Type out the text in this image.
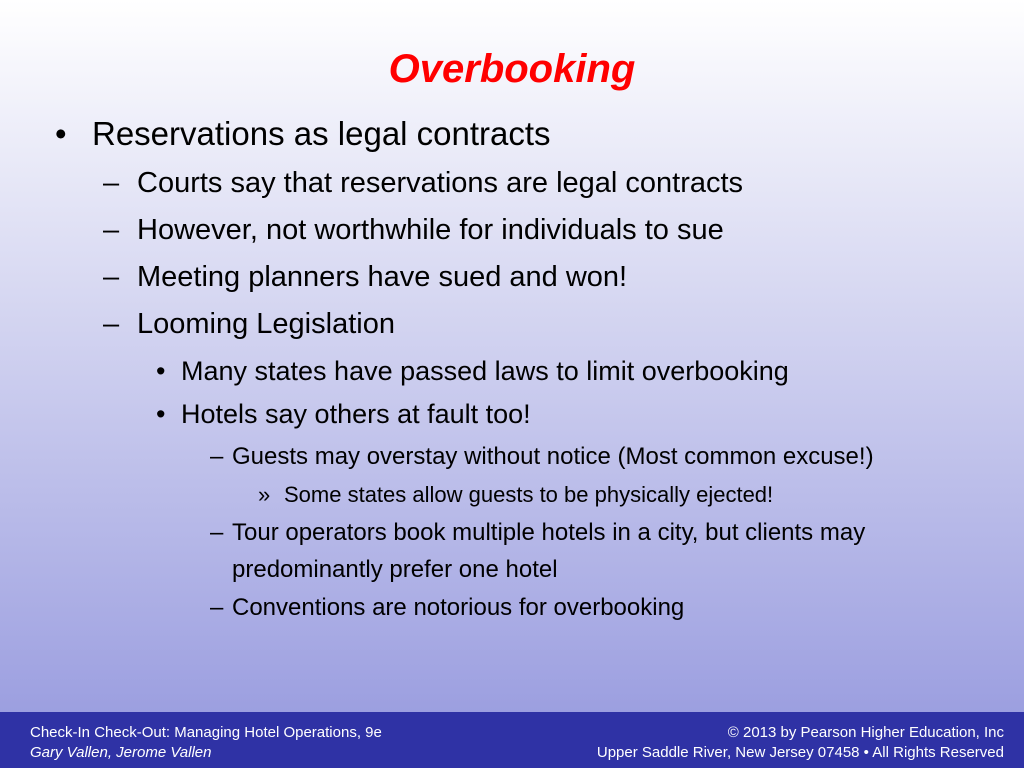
Overbooking
• Reservations as legal contracts
– Courts say that reservations are legal contracts
– However, not worthwhile for individuals to sue
– Meeting planners have sued and won!
– Looming Legislation
• Many states have passed laws to limit overbooking
• Hotels say others at fault too!
– Guests may overstay without notice (Most common excuse!)
» Some states allow guests to be physically ejected!
– Tour operators book multiple hotels in a city, but clients may
predominantly prefer one hotel
– Conventions are notorious for overbooking
Check-In Check-Out: Managing Hotel Operations, 9e
Gary Vallen, Jerome Vallen
© 2013 by Pearson Higher Education, Inc
Upper Saddle River, New Jersey 07458 • All Rights Reserved
